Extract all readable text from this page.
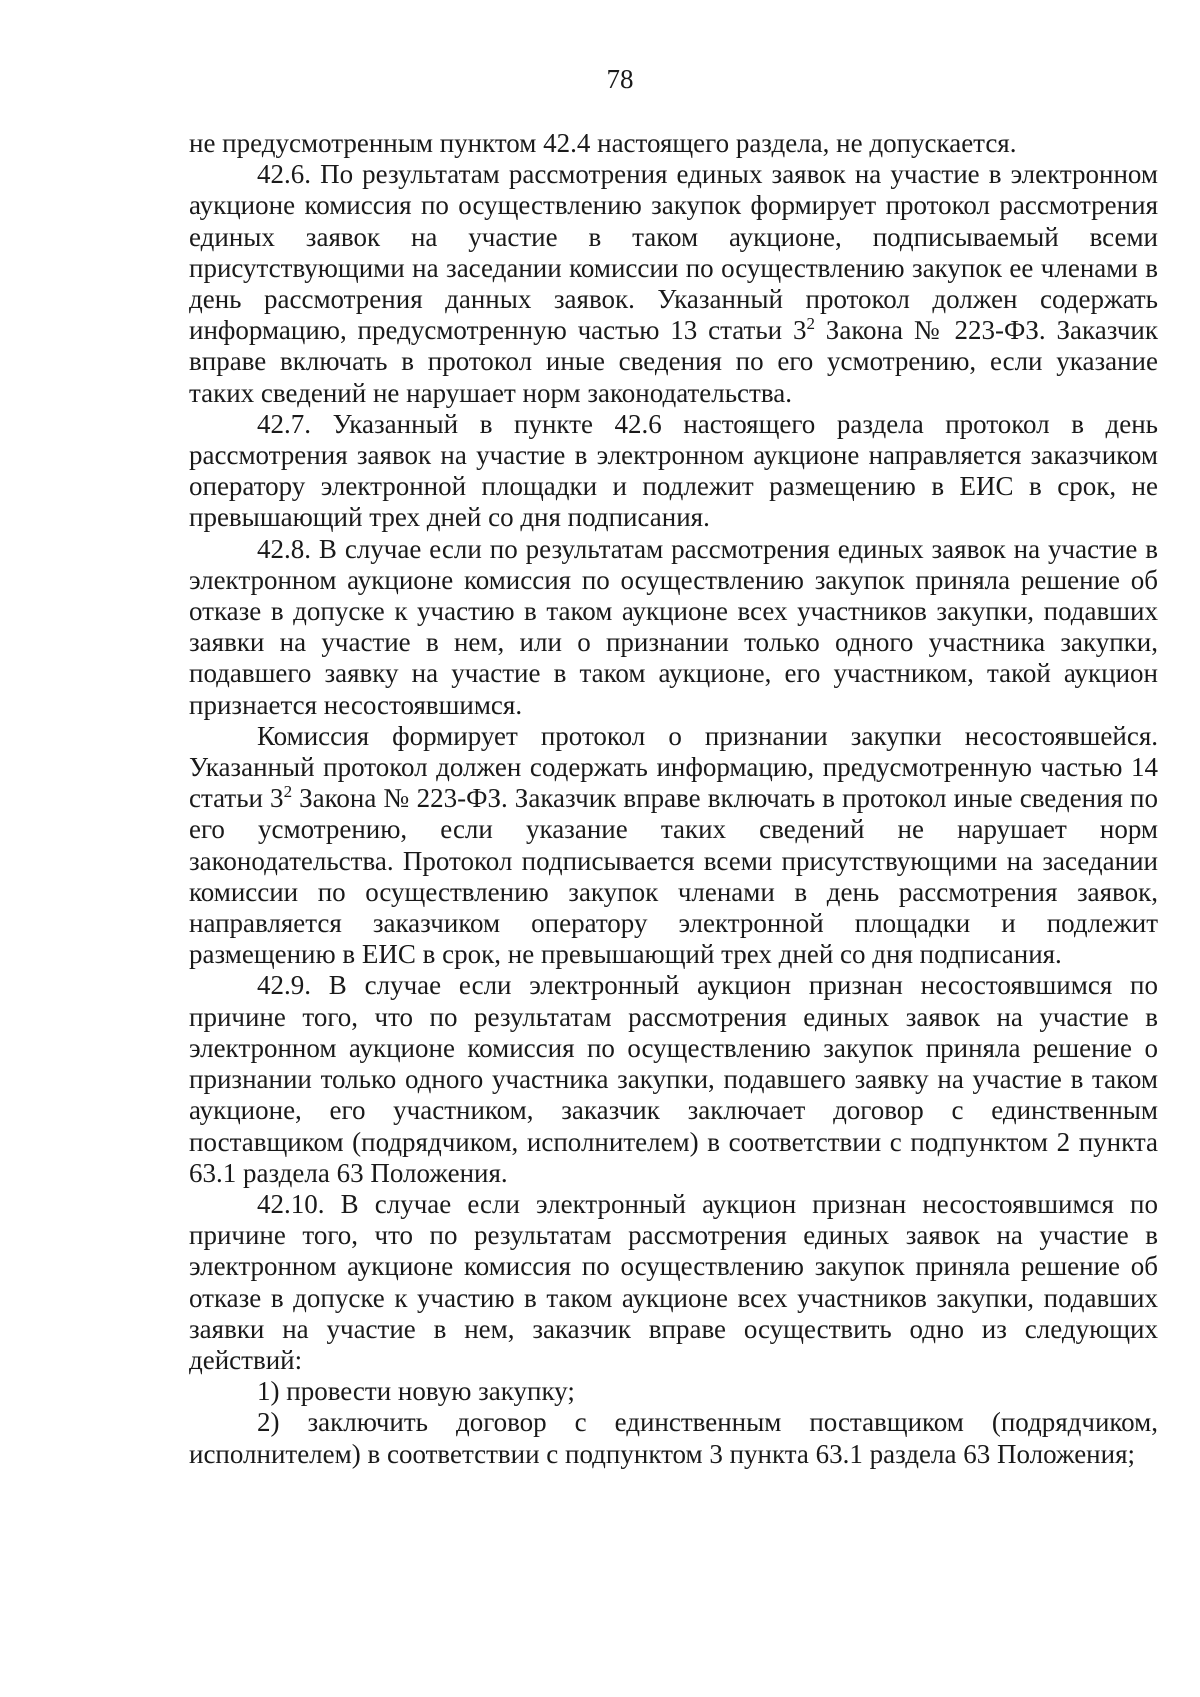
78

не предусмотренным пунктом 42.4 настоящего раздела, не допускается.

42.6. По результатам рассмотрения единых заявок на участие в электронном аукционе комиссия по осуществлению закупок формирует протокол рассмотрения единых заявок на участие в таком аукционе, подписываемый всеми присутствующими на заседании комиссии по осуществлению закупок ее членами в день рассмотрения данных заявок. Указанный протокол должен содержать информацию, предусмотренную частью 13 статьи $3^2$ Закона № 223-ФЗ. Заказчик вправе включать в протокол иные сведения по его усмотрению, если указание таких сведений не нарушает норм законодательства.

42.7. Указанный в пункте 42.6 настоящего раздела протокол в день рассмотрения заявок на участие в электронном аукционе направляется заказчиком оператору электронной площадки и подлежит размещению в ЕИС в срок, не превышающий трех дней со дня подписания.

42.8. В случае если по результатам рассмотрения единых заявок на участие в электронном аукционе комиссия по осуществлению закупок приняла решение об отказе в допуске к участию в таком аукционе всех участников закупки, подавших заявки на участие в нем, или о признании только одного участника закупки, подавшего заявку на участие в таком аукционе, его участником, такой аукцион признается несостоявшимся.

Комиссия формирует протокол о признании закупки несостоявшейся. Указанный протокол должен содержать информацию, предусмотренную частью 14 статьи $3^2$ Закона № 223-ФЗ. Заказчик вправе включать в протокол иные сведения по его усмотрению, если указание таких сведений не нарушает норм законодательства. Протокол подписывается всеми присутствующими на заседании комиссии по осуществлению закупок членами в день рассмотрения заявок, направляется заказчиком оператору электронной площадки и подлежит размещению в ЕИС в срок, не превышающий трех дней со дня подписания.

42.9. В случае если электронный аукцион признан несостоявшимся по причине того, что по результатам рассмотрения единых заявок на участие в электронном аукционе комиссия по осуществлению закупок приняла решение о признании только одного участника закупки, подавшего заявку на участие в таком аукционе, его участником, заказчик заключает договор с единственным поставщиком (подрядчиком, исполнителем) в соответствии с подпунктом 2 пункта 63.1 раздела 63 Положения.

42.10. В случае если электронный аукцион признан несостоявшимся по причине того, что по результатам рассмотрения единых заявок на участие в электронном аукционе комиссия по осуществлению закупок приняла решение об отказе в допуске к участию в таком аукционе всех участников закупки, подавших заявки на участие в нем, заказчик вправе осуществить одно из следующих действий:

1) провести новую закупку;

2) заключить договор с единственным поставщиком (подрядчиком, исполнителем) в соответствии с подпунктом 3 пункта 63.1 раздела 63 Положения;
